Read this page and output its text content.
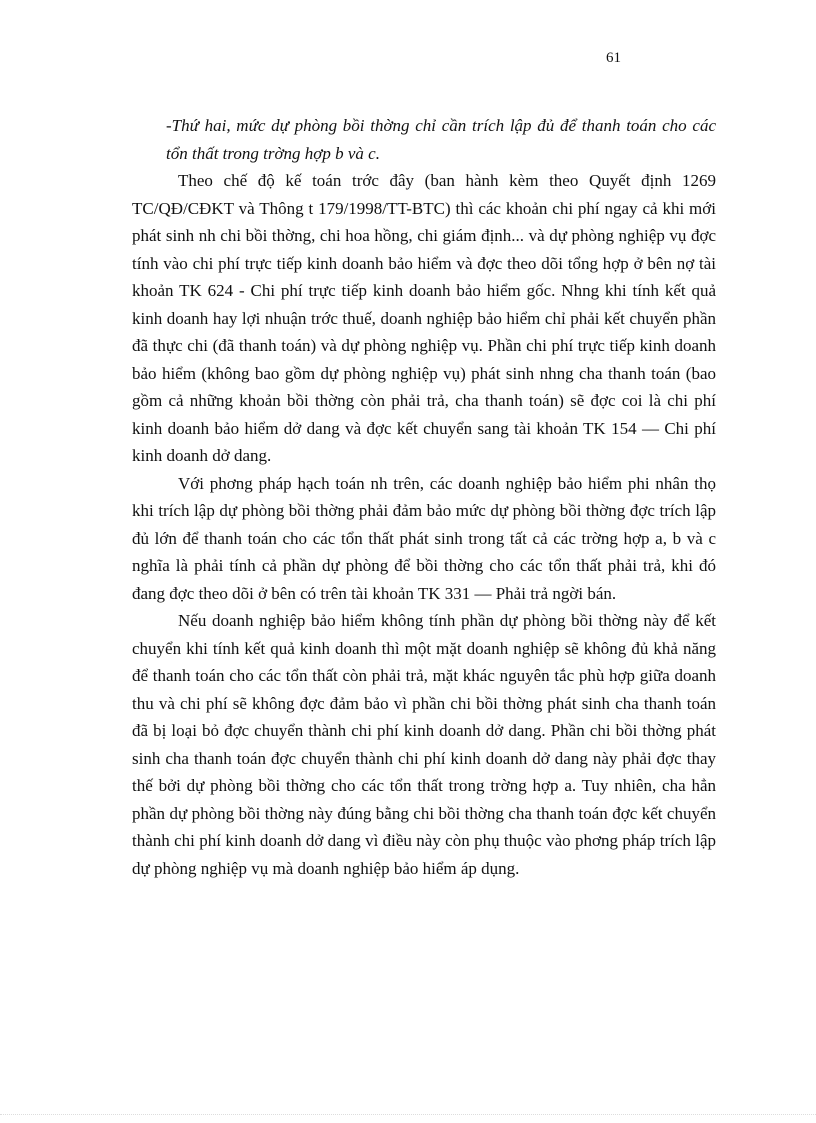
61

-Thứ hai, mức dự phòng bồi thờng chỉ cần trích lập đủ để thanh toán cho các tổn thất trong trờng hợp b và c.

Theo chế độ kế toán trớc đây (ban hành kèm theo Quyết định 1269 TC/QĐ/CĐKT và Thông t 179/1998/TT-BTC) thì các khoản chi phí ngay cả khi mới phát sinh nh chi bồi thờng, chi hoa hồng, chi giám định... và dự phòng nghiệp vụ đợc tính vào chi phí trực tiếp kinh doanh bảo hiểm và đợc theo dõi tổng hợp ở bên nợ tài khoản TK 624 - Chi phí trực tiếp kinh doanh bảo hiểm gốc. Nhng khi tính kết quả kinh doanh hay lợi nhuận trớc thuế, doanh nghiệp bảo hiểm chỉ phải kết chuyển phần đã thực chi (đã thanh toán) và dự phòng nghiệp vụ. Phần chi phí trực tiếp kinh doanh bảo hiểm (không bao gồm dự phòng nghiệp vụ) phát sinh nhng cha thanh toán (bao gồm cả những khoản bồi thờng còn phải trả, cha thanh toán) sẽ đợc coi là chi phí kinh doanh bảo hiểm dở dang và đợc kết chuyển sang tài khoản TK 154 — Chi phí kinh doanh dở dang.

Với phơng pháp hạch toán nh trên, các doanh nghiệp bảo hiểm phi nhân thọ khi trích lập dự phòng bồi thờng phải đảm bảo mức dự phòng bồi thờng đợc trích lập đủ lớn để thanh toán cho các tổn thất phát sinh trong tất cả các trờng hợp a, b và c nghĩa là phải tính cả phần dự phòng để bồi thờng cho các tổn thất phải trả, khi đó đang đợc theo dõi ở bên có trên tài khoản TK 331 — Phải trả ngời bán.

Nếu doanh nghiệp bảo hiểm không tính phần dự phòng bồi thờng này để kết chuyển khi tính kết quả kinh doanh thì một mặt doanh nghiệp sẽ không đủ khả năng để thanh toán cho các tổn thất còn phải trả, mặt khác nguyên tắc phù hợp giữa doanh thu và chi phí sẽ không đợc đảm bảo vì phần chi bồi thờng phát sinh cha thanh toán đã bị loại bỏ đợc chuyển thành chi phí kinh doanh dở dang. Phần chi bồi thờng phát sinh cha thanh toán đợc chuyển thành chi phí kinh doanh dở dang này phải đợc thay thế bởi dự phòng bồi thờng cho các tổn thất trong trờng hợp a. Tuy nhiên, cha hẳn phần dự phòng bồi thờng này đúng bằng chi bồi thờng cha thanh toán đợc kết chuyển thành chi phí kinh doanh dở dang vì điều này còn phụ thuộc vào phơng pháp trích lập dự phòng nghiệp vụ mà doanh nghiệp bảo hiểm áp dụng.
